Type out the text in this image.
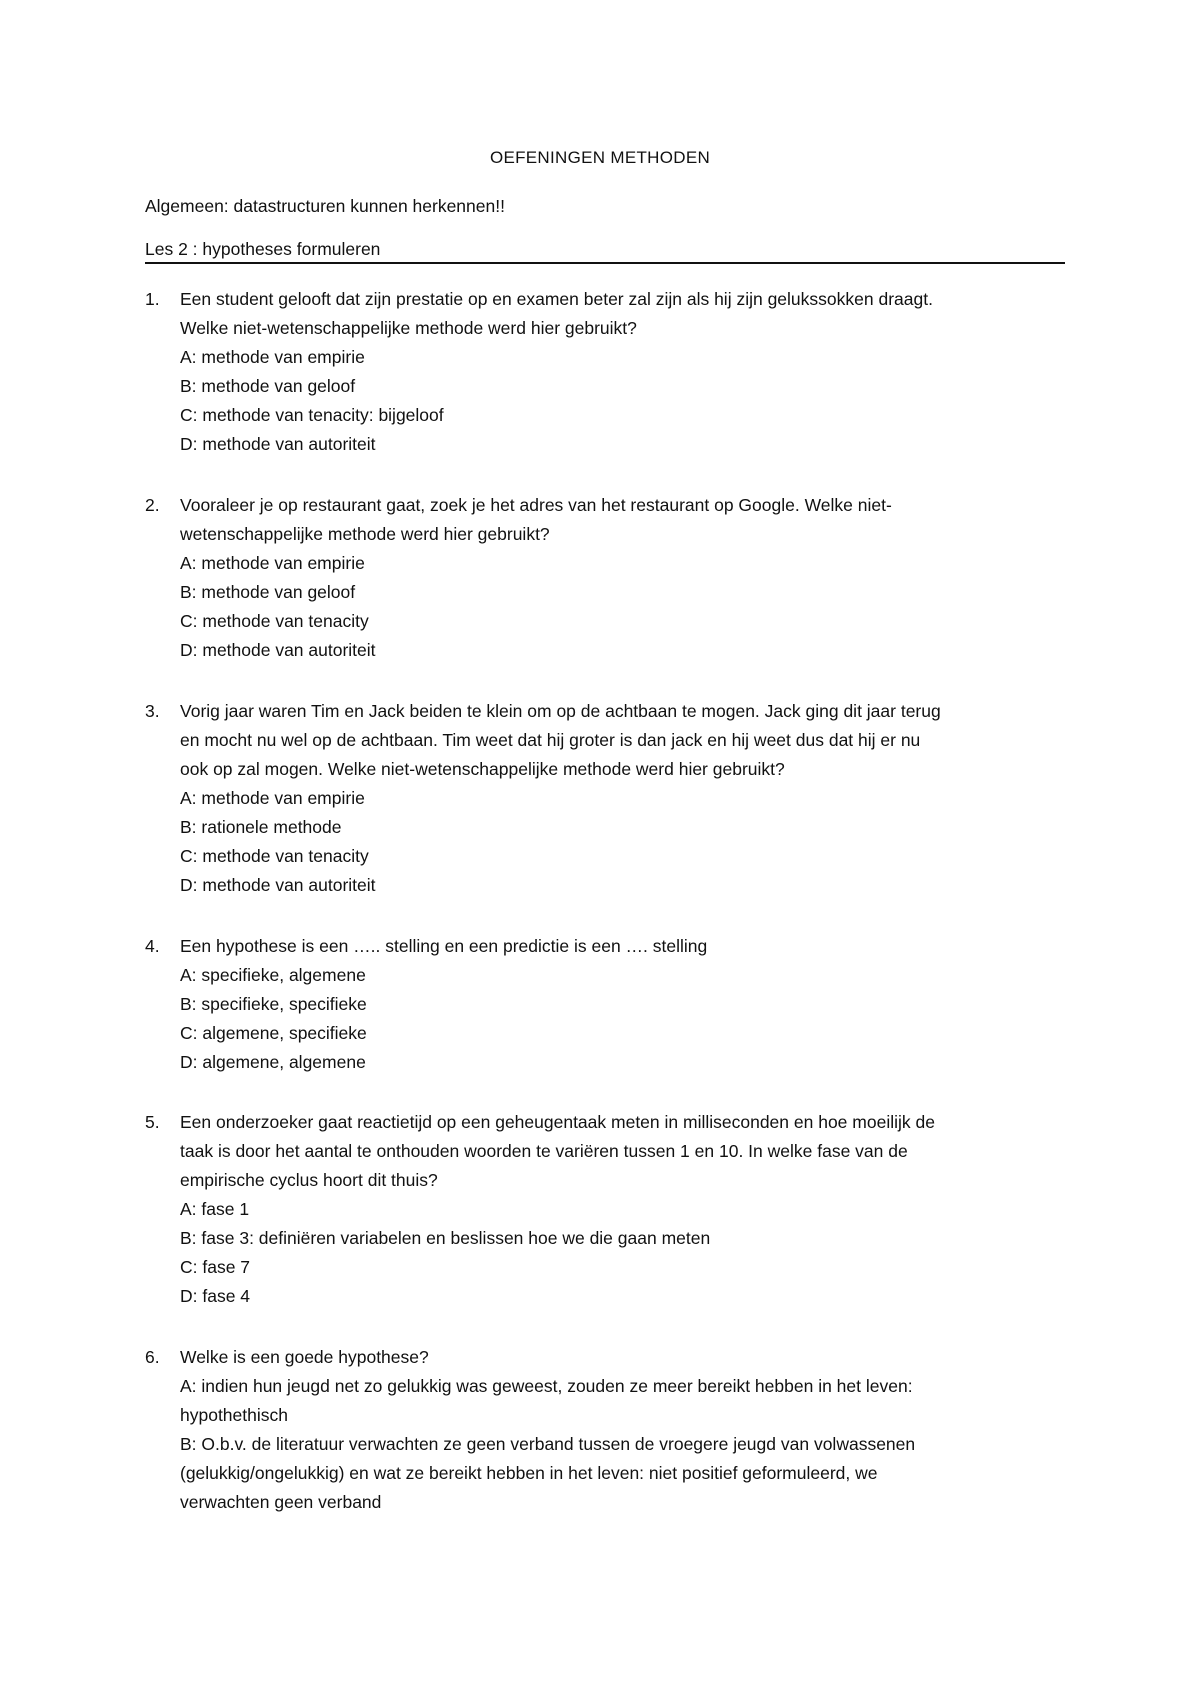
OEFENINGEN METHODEN
Algemeen: datastructuren kunnen herkennen!!
Les 2 : hypotheses formuleren
1.	Een student gelooft dat zijn prestatie op en examen beter zal zijn als hij zijn gelukssokken draagt.
Welke niet-wetenschappelijke methode werd hier gebruikt?
A: methode van empirie
B: methode van geloof
C: methode van tenacity: bijgeloof
D: methode van autoriteit
2.	Vooraleer je op restaurant gaat, zoek je het adres van het restaurant op Google. Welke niet-
wetenschappelijke methode werd hier gebruikt?
A: methode van empirie
B: methode van geloof
C: methode van tenacity
D: methode van autoriteit
3.	Vorig jaar waren Tim en Jack beiden te klein om op de achtbaan te mogen. Jack ging dit jaar terug
en mocht nu wel op de achtbaan. Tim weet dat hij groter is dan jack en hij weet dus dat hij er nu
ook op zal mogen. Welke niet-wetenschappelijke methode werd hier gebruikt?
A: methode van empirie
B: rationele methode
C: methode van tenacity
D: methode van autoriteit
4.	Een hypothese is een ….. stelling en een predictie is een …. stelling
A: specifieke, algemene
B: specifieke, specifieke
C: algemene, specifieke
D: algemene, algemene
5.	Een onderzoeker gaat reactietijd op een geheugentaak meten in milliseconden en hoe moeilijk de
taak is door het aantal te onthouden woorden te variëren tussen 1 en 10. In welke fase van de
empirische cyclus hoort dit thuis?
A: fase 1
B: fase 3: definiëren variabelen en beslissen hoe we die gaan meten
C: fase 7
D: fase 4
6.	Welke is een goede hypothese?
A: indien hun jeugd net zo gelukkig was geweest, zouden ze meer bereikt hebben in het leven:
hypothethisch
B: O.b.v. de literatuur verwachten ze geen verband tussen de vroegere jeugd van volwassenen
(gelukkig/ongelukkig) en wat ze bereikt hebben in het leven: niet positief geformuleerd, we
verwachten geen verband
